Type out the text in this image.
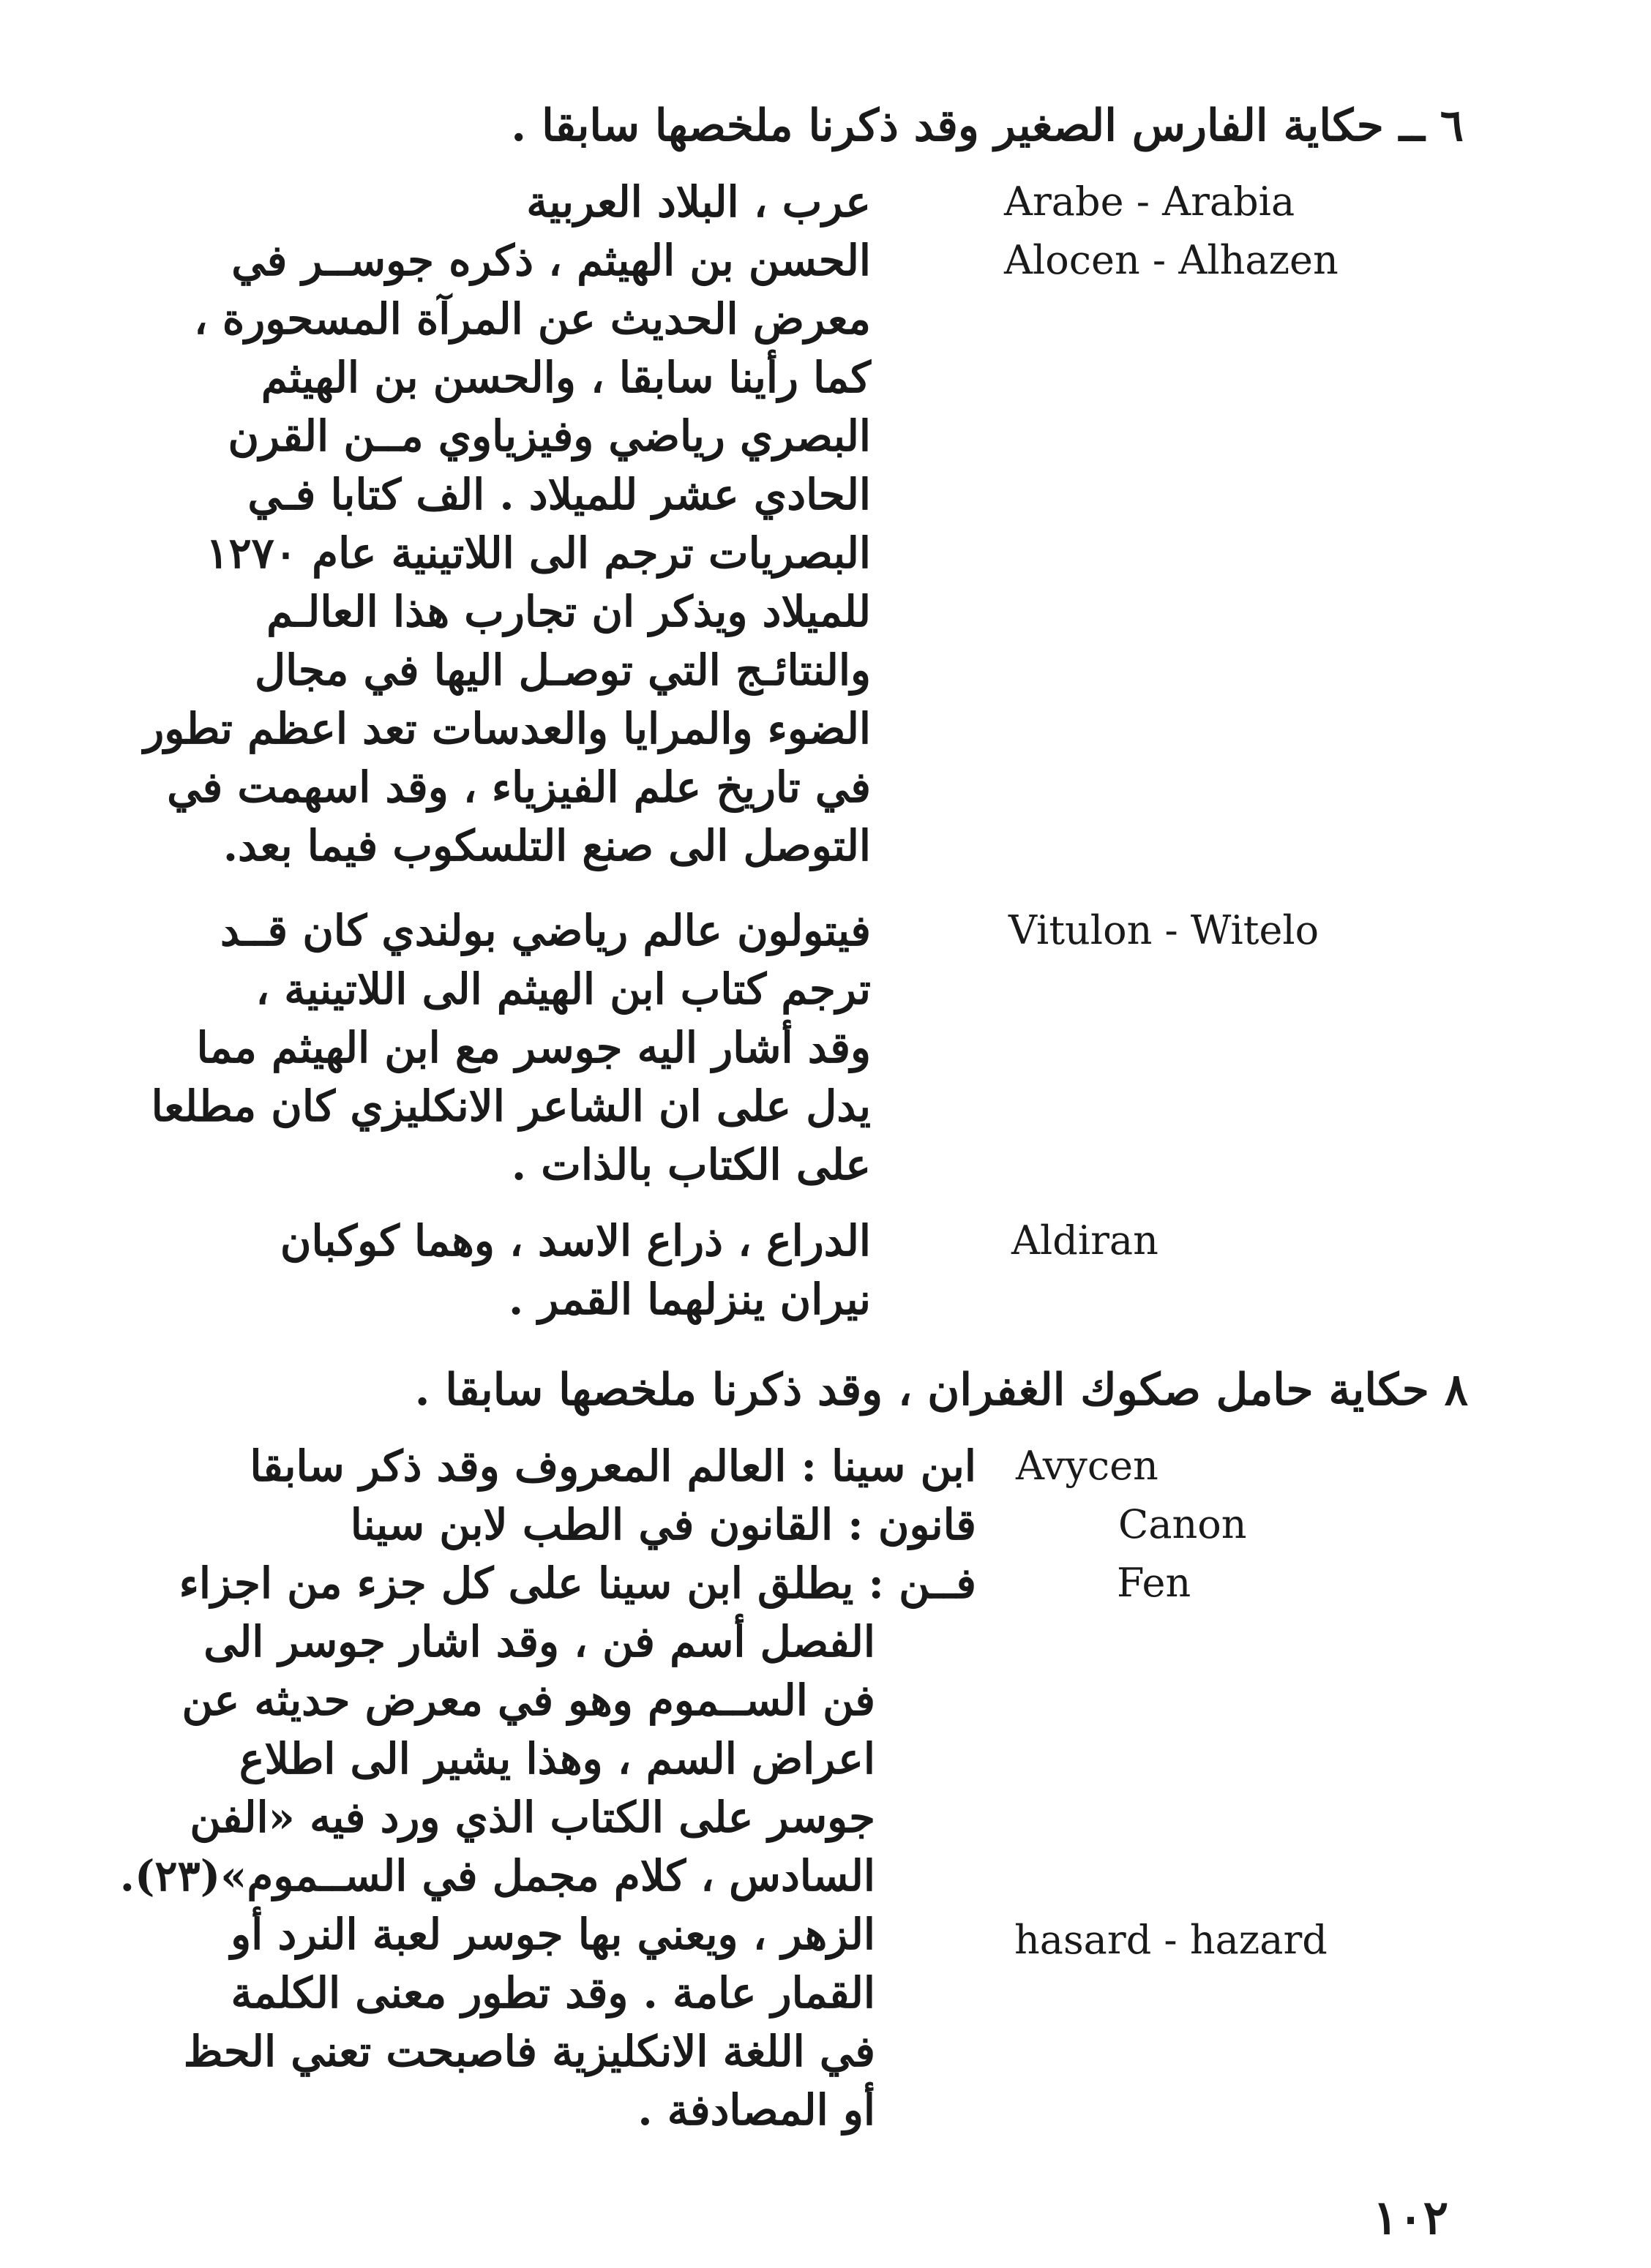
٦ ــ حكاية الفارس الصغير وقد ذكرنا ملخصها سابقا .
Arabe - Arabia
Alocen - Alhazen
Vitulon - Witelo
Aldiran
عرب ، البلاد العربية
الحسن بن الهيثم ، ذكره جوســر في
معرض الحديث عن المرآة المسحورة ،
كما رأينا سابقا ، والحسن بن الهيثم
البصري رياضي وفيزياوي مــن القرن
الحادي عشر للميلاد . الف كتابا فـي
البصريات ترجم الى اللاتينية عام ١٢٧٠
للميلاد ويذكر ان تجارب هذا العالـم
والنتائـج التي توصـل اليها في مجال
الضوء والمرايا والعدسات تعد اعظم تطور
في تاريخ علم الفيزياء ، وقد اسهمت في
التوصل الى صنع التلسكوب فيما بعد.
فيتولون عالم رياضي بولندي كان قــد
ترجم كتاب ابن الهيثم الى اللاتينية ،
وقد أشار اليه جوسر مع ابن الهيثم مما
يدل على ان الشاعر الانكليزي كان مطلعا
على الكتاب بالذات .
الدراع ، ذراع الاسد ، وهما كوكبان
نيران ينزلهما القمر .
٨ حكاية حامل صكوك الغفران ، وقد ذكرنا ملخصها سابقا .
Avycen
Canon
Fen
hasard - hazard
ابن سينا : العالم المعروف وقد ذكر سابقا
قانون : القانون في الطب لابن سينا
فــن : يطلق ابن سينا على كل جزء من اجزاء
الفصل أسم فن ، وقد اشار جوسر الى
فن الســموم وهو في معرض حديثه عن
اعراض السم ، وهذا يشير الى اطلاع
جوسر على الكتاب الذي ورد فيه «الفن
السادس ، كلام مجمل في الســموم»(٢٣).
الزهر ، ويعني بها جوسر لعبة النرد أو
القمار عامة . وقد تطور معنى الكلمة
في اللغة الانكليزية فاصبحت تعني الحظ
أو المصادفة .
١٠٢
